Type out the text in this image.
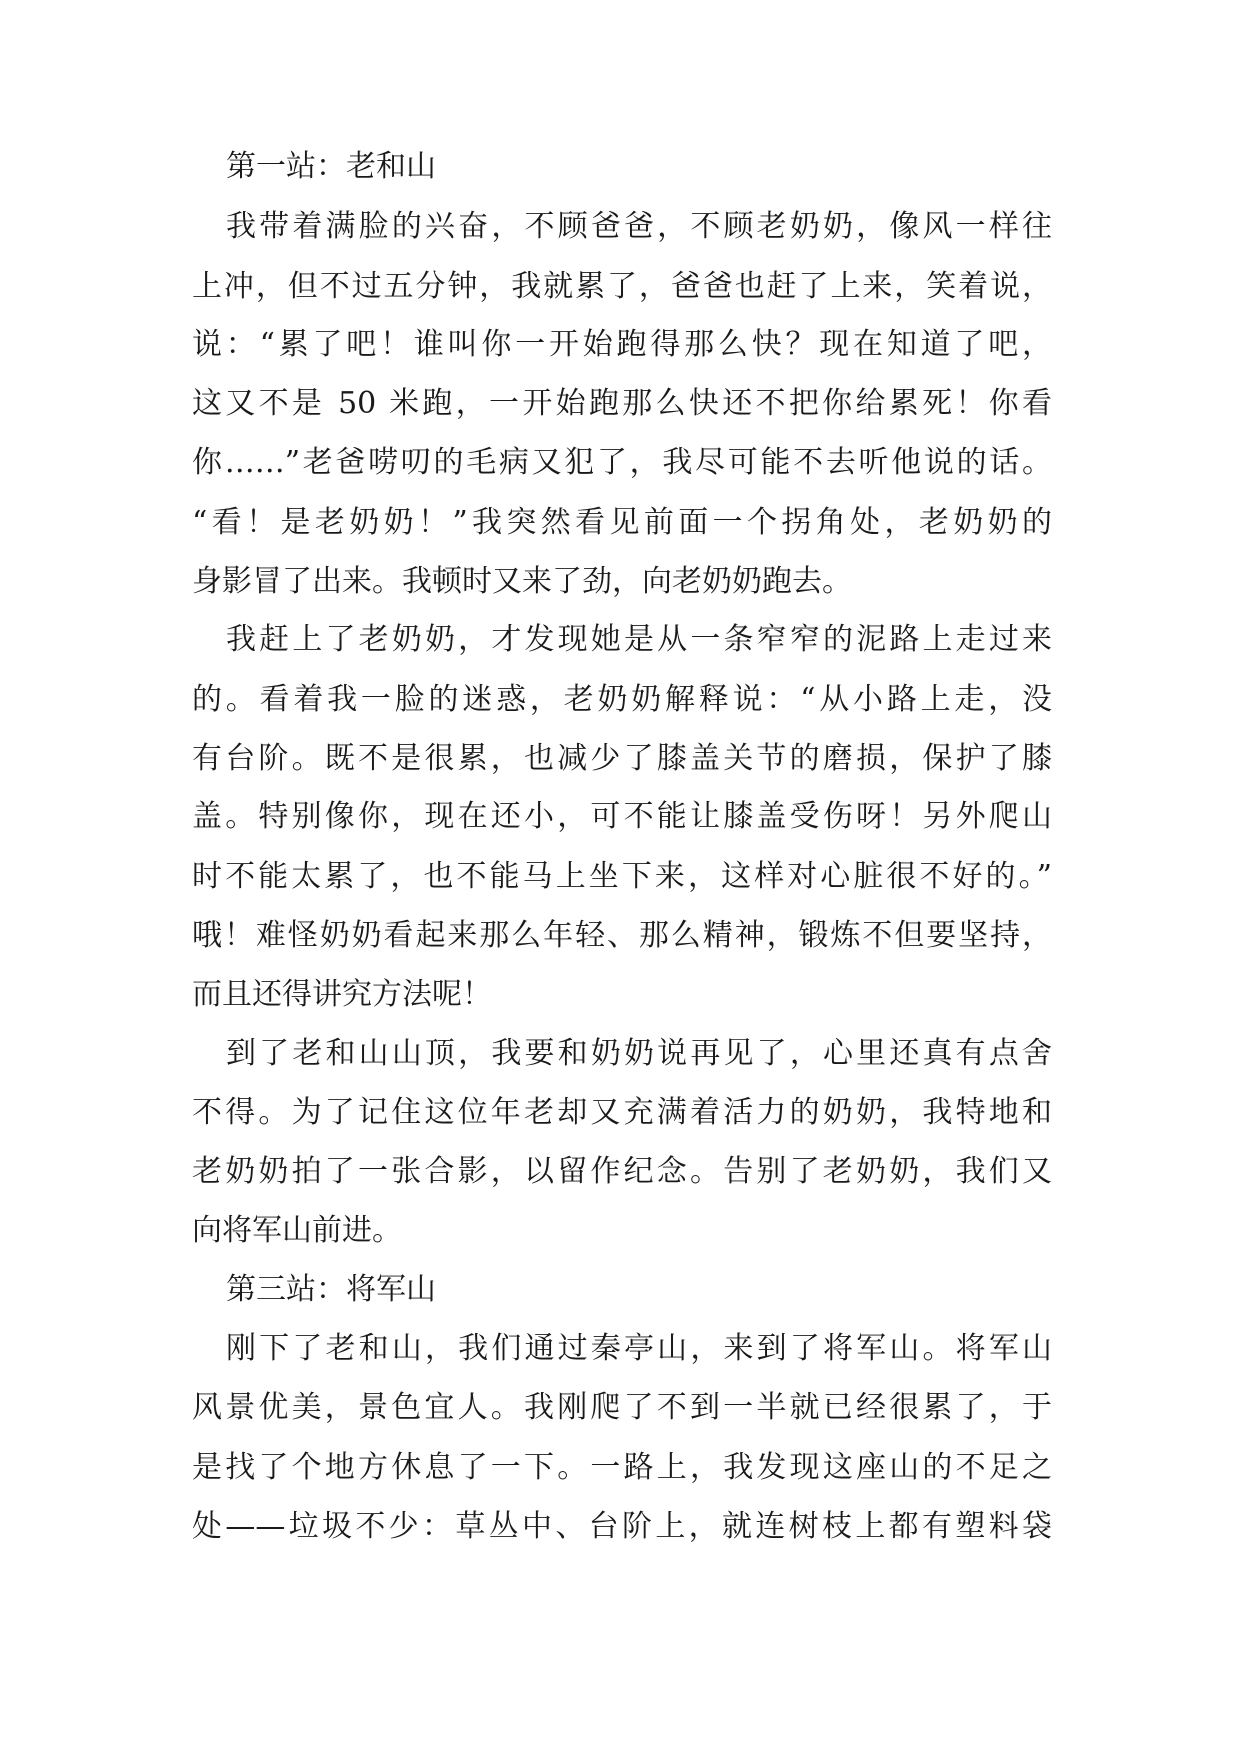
第一站：老和山
我带着满脸的兴奋，不顾爸爸，不顾老奶奶，像风一样往
上冲，但不过五分钟，我就累了，爸爸也赶了上来，笑着说，
说：“累了吧！谁叫你一开始跑得那么快？现在知道了吧，
这又不是 50 米跑，一开始跑那么快还不把你给累死！你看
你……”老爸唠叨的毛病又犯了，我尽可能不去听他说的话。
“看！是老奶奶！”我突然看见前面一个拐角处，老奶奶的
身影冒了出来。我顿时又来了劲，向老奶奶跑去。
我赶上了老奶奶，才发现她是从一条窄窄的泥路上走过来
的。看着我一脸的迷惑，老奶奶解释说：“从小路上走，没
有台阶。既不是很累，也减少了膝盖关节的磨损，保护了膝
盖。特别像你，现在还小，可不能让膝盖受伤呀！另外爬山
时不能太累了，也不能马上坐下来，这样对心脏很不好的。”
哦！难怪奶奶看起来那么年轻、那么精神，锻炼不但要坚持，
而且还得讲究方法呢！
到了老和山山顶，我要和奶奶说再见了，心里还真有点舍
不得。为了记住这位年老却又充满着活力的奶奶，我特地和
老奶奶拍了一张合影，以留作纪念。告别了老奶奶，我们又
向将军山前进。
第三站：将军山
刚下了老和山，我们通过秦亭山，来到了将军山。将军山
风景优美，景色宜人。我刚爬了不到一半就已经很累了，于
是找了个地方休息了一下。一路上，我发现这座山的不足之
处——垃圾不少：草丛中、台阶上，就连树枝上都有塑料袋
